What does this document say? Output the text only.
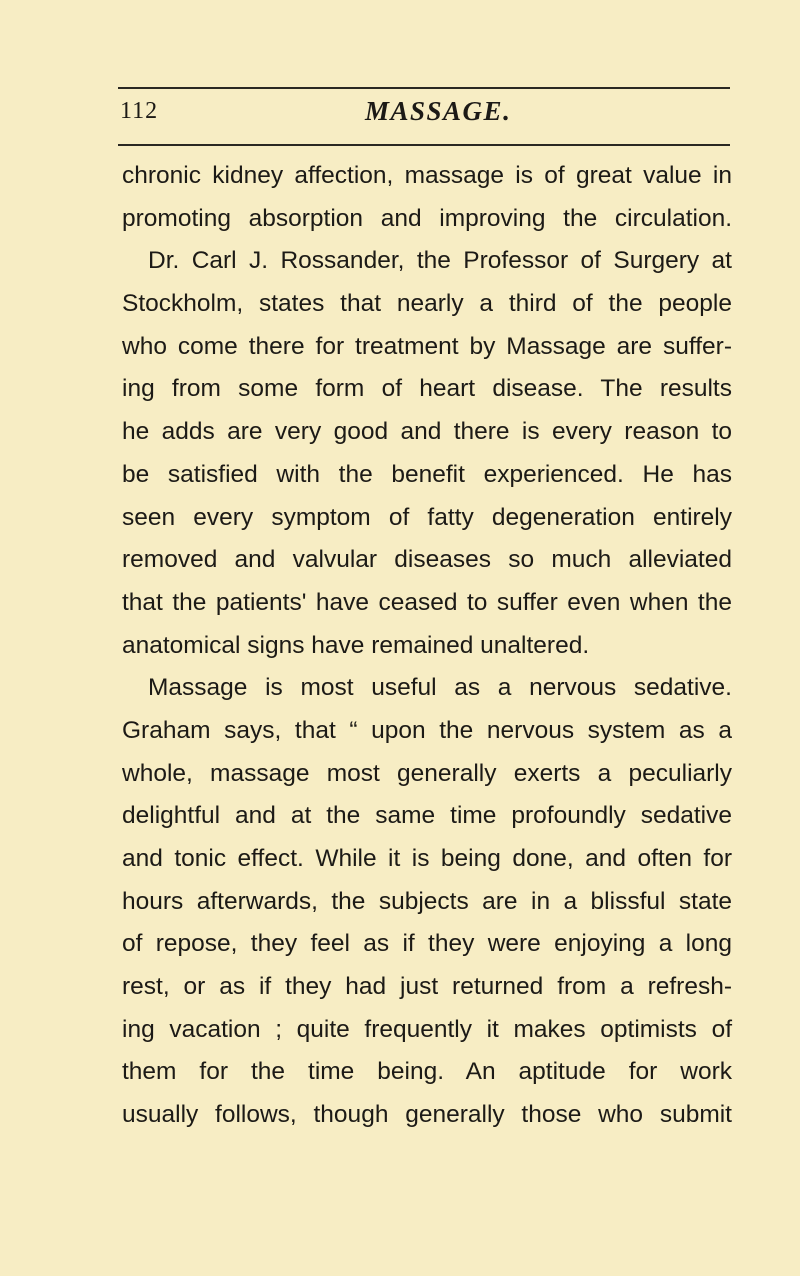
112	MASSAGE.
chronic kidney affection, massage is of great value in
promoting absorption and improving the circulation.
Dr. Carl J. Rossander, the Professor of Surgery at
Stockholm, states that nearly a third of the people
who come there for treatment by Massage are suffer-
ing from some form of heart disease. The results
he adds are very good and there is every reason to
be satisfied with the benefit experienced. He has
seen every symptom of fatty degeneration entirely
removed and valvular diseases so much alleviated
that the patients' have ceased to suffer even when the
anatomical signs have remained unaltered.
Massage is most useful as a nervous sedative.
Graham says, that “ upon the nervous system as a
whole, massage most generally exerts a peculiarly
delightful and at the same time profoundly sedative
and tonic effect. While it is being done, and often for
hours afterwards, the subjects are in a blissful state
of repose, they feel as if they were enjoying a long
rest, or as if they had just returned from a refresh-
ing vacation ; quite frequently it makes optimists of
them for the time being. An aptitude for work
usually follows, though generally those who submit
